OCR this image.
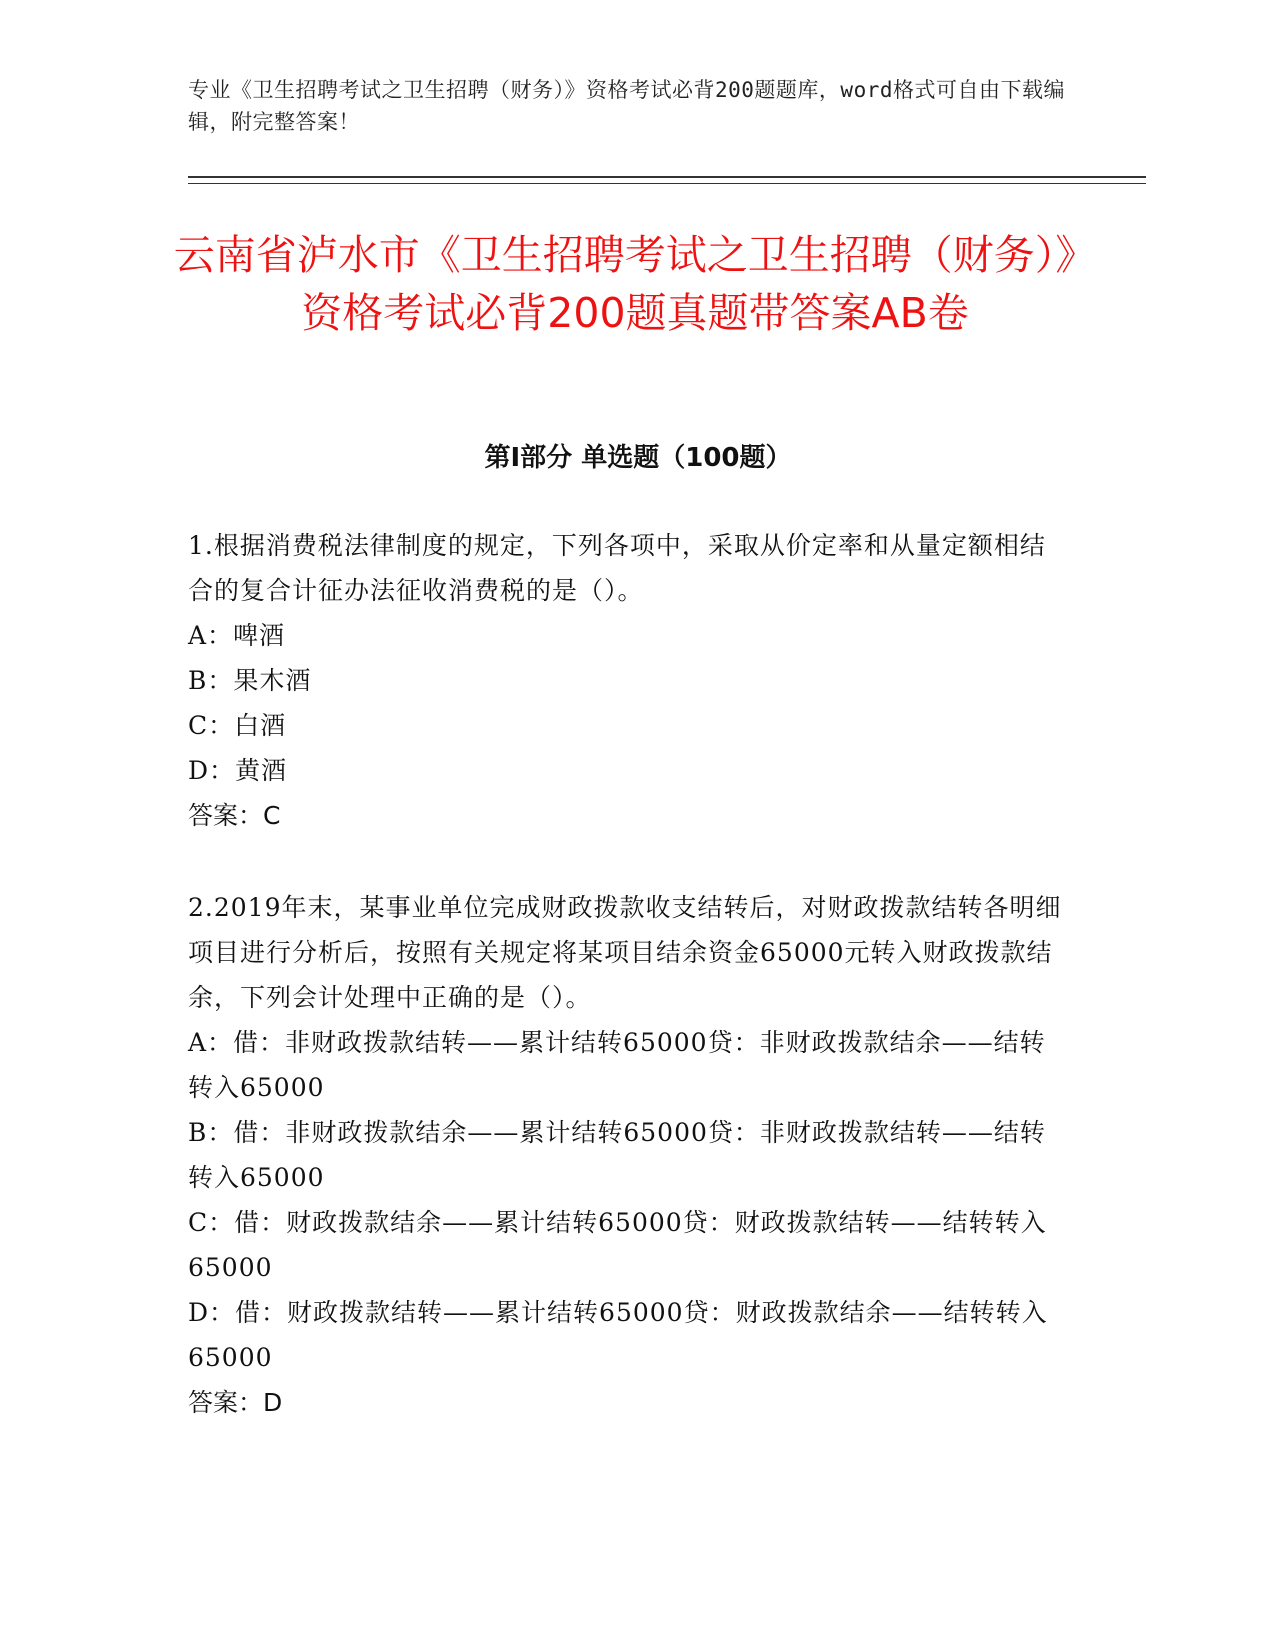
专业《卫生招聘考试之卫生招聘（财务）》资格考试必背200题题库，word格式可自由下载编辑，附完整答案！
云南省泸水市《卫生招聘考试之卫生招聘（财务）》资格考试必背200题真题带答案AB卷
第I部分 单选题（100题）

1.根据消费税法律制度的规定，下列各项中，采取从价定率和从量定额相结合的复合计征办法征收消费税的是（）。

A：啤酒

B：果木酒

C：白酒

D：黄酒

答案：C

2.2019年末，某事业单位完成财政拨款收支结转后，对财政拨款结转各明细项目进行分析后，按照有关规定将某项目结余资金65000元转入财政拨款结余，下列会计处理中正确的是（）。

A：借：非财政拨款结转——累计结转65000贷：非财政拨款结余——结转转入65000

B：借：非财政拨款结余——累计结转65000贷：非财政拨款结转——结转转入65000

C：借：财政拨款结余——累计结转65000贷：财政拨款结转——结转转入65000

D：借：财政拨款结转——累计结转65000贷：财政拨款结余——结转转入65000

答案：D
